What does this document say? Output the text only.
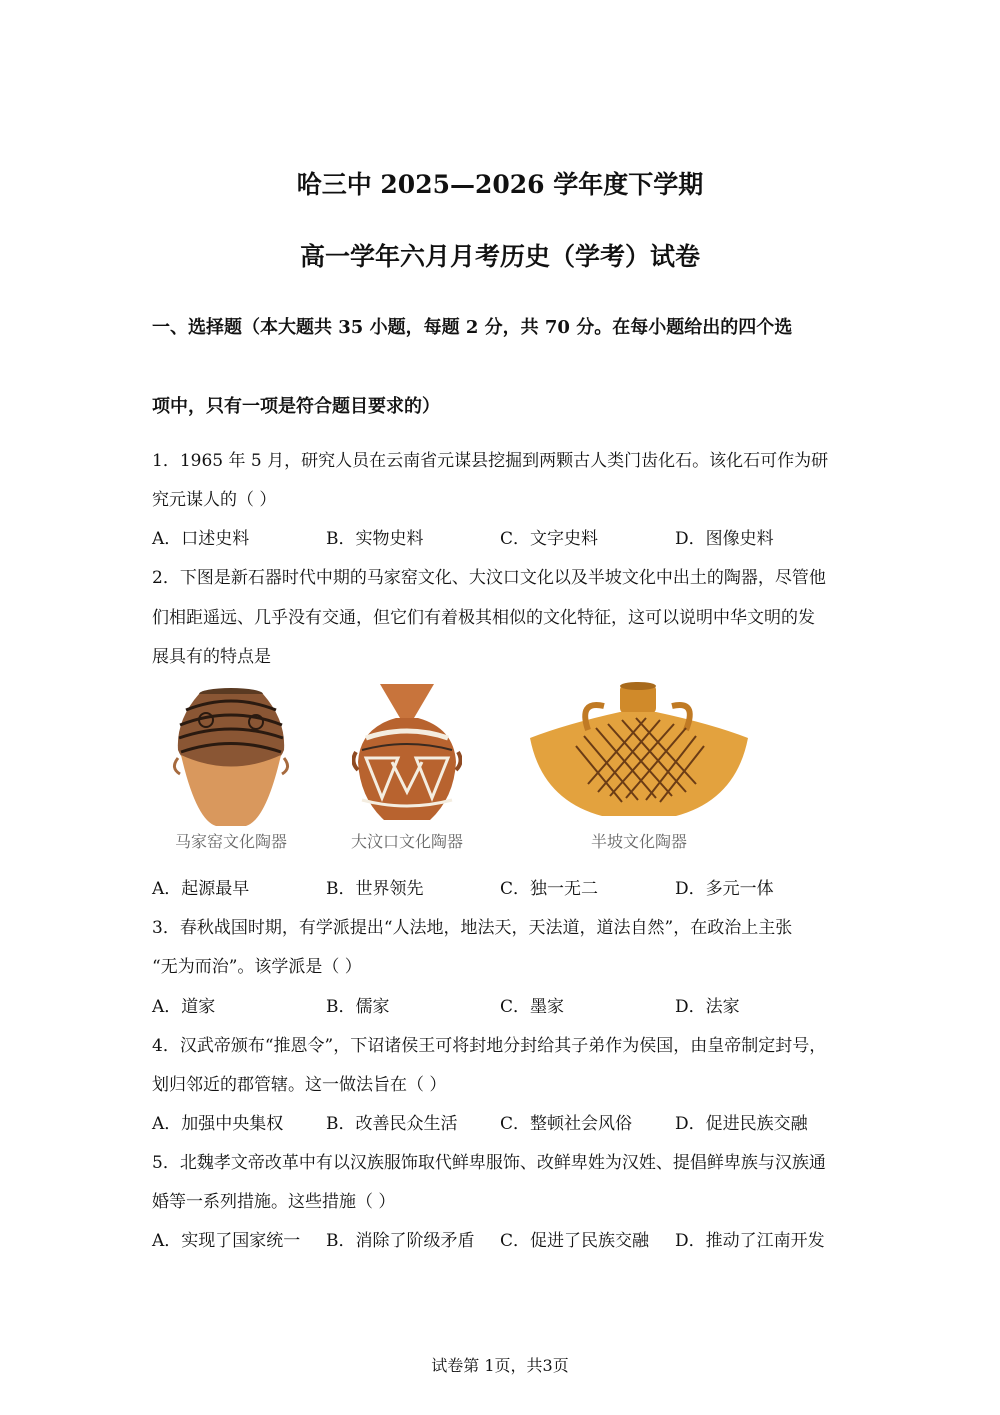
哈三中 2025—2026 学年度下学期
高一学年六月月考历史（学考）试卷
一、选择题（本大题共 35 小题，每题 2 分，共 70 分。在每小题给出的四个选
项中，只有一项是符合题目要求的）
1．1965 年 5 月，研究人员在云南省元谋县挖掘到两颗古人类门齿化石。该化石可作为研
究元谋人的（ ）
A．口述史料	B．实物史料	C．文字史料	D．图像史料
2．下图是新石器时代中期的马家窑文化、大汶口文化以及半坡文化中出土的陶器，尽管他
们相距遥远、几乎没有交通，但它们有着极其相似的文化特征，这可以说明中华文明的发
展具有的特点是
马家窑文化陶器	大汶口文化陶器	半坡文化陶器
A．起源最早	B．世界领先	C．独一无二	D．多元一体
3．春秋战国时期，有学派提出“人法地，地法天，天法道，道法自然”，在政治上主张
“无为而治”。该学派是（ ）
A．道家	B．儒家	C．墨家	D．法家
4．汉武帝颁布“推恩令”，下诏诸侯王可将封地分封给其子弟作为侯国，由皇帝制定封号，
划归邻近的郡管辖。这一做法旨在（ ）
A．加强中央集权	B．改善民众生活	C．整顿社会风俗	D．促进民族交融
5．北魏孝文帝改革中有以汉族服饰取代鲜卑服饰、改鲜卑姓为汉姓、提倡鲜卑族与汉族通
婚等一系列措施。这些措施（ ）
A．实现了国家统一 B．消除了阶级矛盾 C．促进了民族交融 D．推动了江南开发
试卷第 1页，共3页
